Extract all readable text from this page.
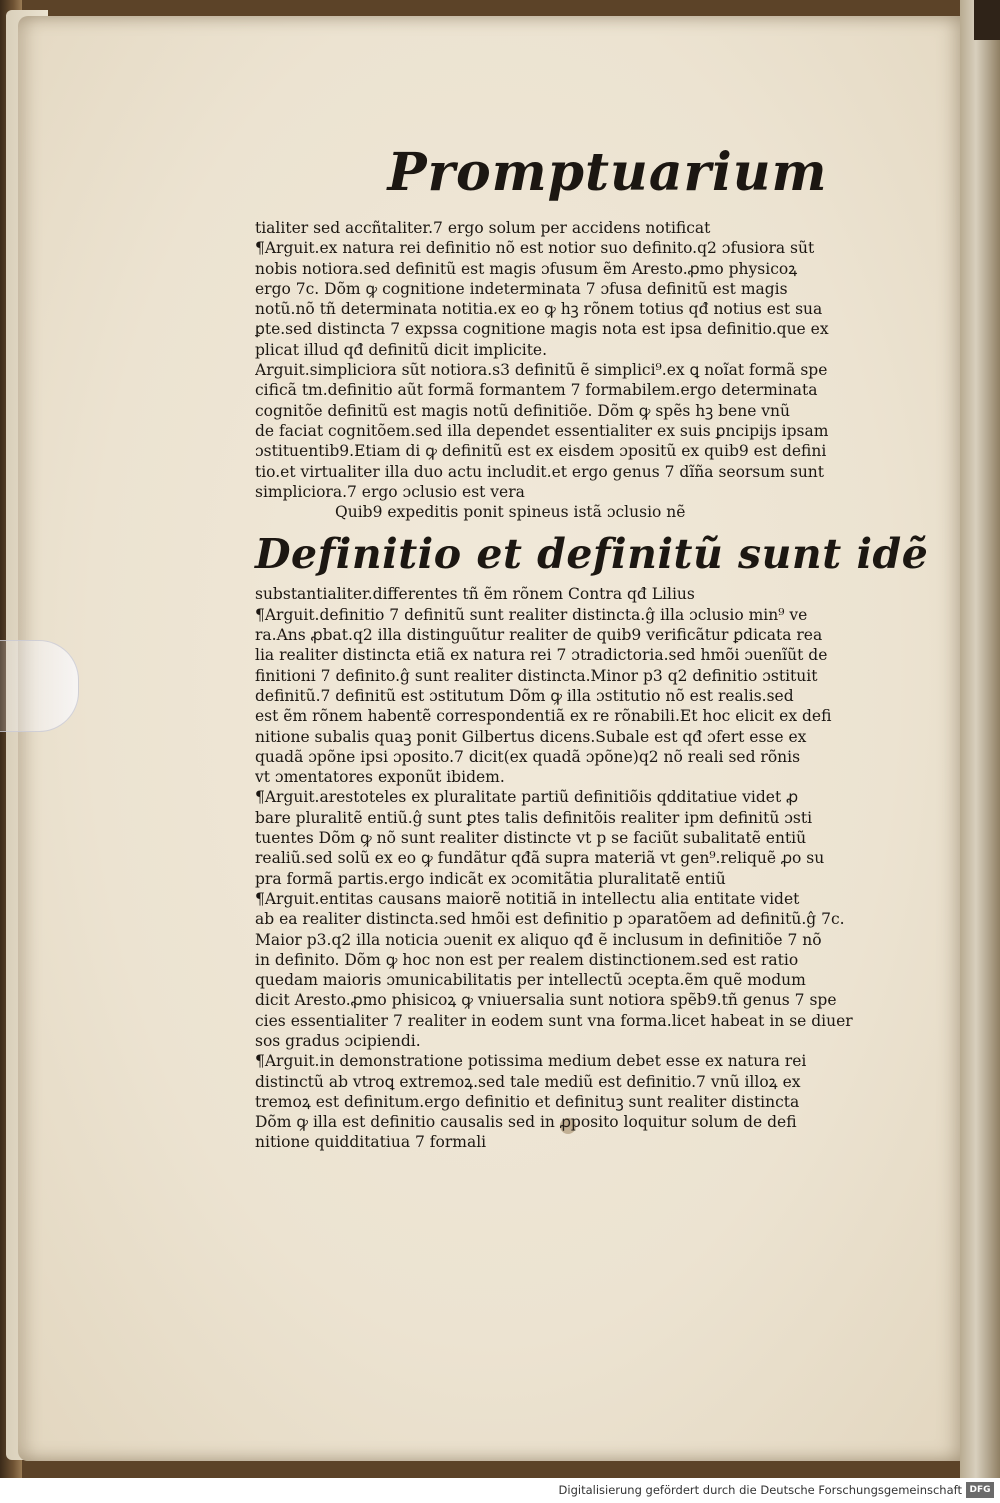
Promptuarium
tialiter sed accñtaliter.7 ergo solum per accidens notificat
¶Arguit.ex natura rei definitio nõ est notior suo definito.q2 ɔfusiora sũt
nobis notiora.sed definitũ est magis ɔfusum ẽm Aresto.ꝓmo physicoꝝ
ergo 7c. Dõm ꝙ cognitione indeterminata 7 ɔfusa definitũ est magis
notũ.nõ tñ determinata notitia.ex eo ꝙ hꝫ rõnem totius qđ notius est sua
ꝑte.sed distincta 7 expssa cognitione magis nota est ipsa definitio.que ex
plicat illud qđ definitũ dicit implicite.
Arguit.simpliciora sũt notiora.s3 definitũ ẽ simplici⁹.ex ꝗ noĩat formã spe
cificã tm.definitio aũt formã formantem 7 formabilem.ergo determinata
cognitõe definitũ est magis notũ definitiõe. Dõm ꝙ spẽs hꝫ bene vnũ
de faciat cognitõem.sed illa dependet essentialiter ex suis ꝑncipijs ipsam
ɔstituentib9.Etiam di ꝙ definitũ est ex eisdem ɔpositũ ex quib9 est defini
tio.et virtualiter illa duo actu includit.et ergo genus 7 dĩña seorsum sunt
simpliciora.7 ergo ɔclusio est vera
Quib9 expeditis ponit spineus istã ɔclusio nẽ
Definitio et definitũ sunt idẽ
substantialiter.differentes tñ ẽm rõnem Contra qđ Lilius
¶Arguit.definitio 7 definitũ sunt realiter distincta.ĝ illa ɔclusio min⁹ ve
ra.Ans ꝓbat.q2 illa distinguũtur realiter de quib9 verificãtur ꝑdicata rea
lia realiter distincta etiã ex natura rei 7 ɔtradictoria.sed hmõi ɔuenĩũt de
finitioni 7 definito.ĝ sunt realiter distincta.Minor p3 q2 definitio ɔstituit
definitũ.7 definitũ est ɔstitutum Dõm ꝙ illa ɔstitutio nõ est realis.sed
est ẽm rõnem habentẽ correspondentiã ex re rõnabili.Et hoc elicit ex defi
nitione subalis quaꝫ ponit Gilbertus dicens.Subale est qđ ɔfert esse ex
quadã ɔpõne ipsi ɔposito.7 dicit(ex quadã ɔpõne)q2 nõ reali sed rõnis
vt ɔmentatores exponũt ibidem.
¶Arguit.arestoteles ex pluralitate partiũ definitiõis qdditatiue videt ꝓ
bare pluralitẽ entiũ.ĝ sunt ꝑtes talis definitõis realiter ipm definitũ ɔsti
tuentes Dõm ꝙ nõ sunt realiter distincte vt p se faciũt subalitatẽ entiũ
realiũ.sed solũ ex eo ꝙ fundãtur qđã supra materiã vt gen⁹.reliquẽ ꝓo su
pra formã partis.ergo indicãt ex ɔcomitãtia pluralitatẽ entiũ
¶Arguit.entitas causans maiorẽ notitiã in intellectu alia entitate videt
ab ea realiter distincta.sed hmõi est definitio p ɔparatõem ad definitũ.ĝ 7c.
Maior p3.q2 illa noticia ɔuenit ex aliquo qđ ẽ inclusum in definitiõe 7 nõ
in definito. Dõm ꝙ hoc non est per realem distinctionem.sed est ratio
quedam maioris ɔmunicabilitatis per intellectũ ɔcepta.ẽm quẽ modum
dicit Aresto.ꝓmo phisicoꝝ ꝙ vniuersalia sunt notiora spẽb9.tñ genus 7 spe
cies essentialiter 7 realiter in eodem sunt vna forma.licet habeat in se diuer
sos gradus ɔcipiendi.
¶Arguit.in demonstratione potissima medium debet esse ex natura rei
distinctũ ab vtroꝗ extremoꝝ.sed tale mediũ est definitio.7 vnũ illoꝝ ex
tremoꝝ est definitum.ergo definitio et definituꝫ sunt realiter distincta
Dõm ꝙ illa est definitio causalis sed in ꝓposito loquitur solum de defi
nitione quidditatiua 7 formali
Digitalisierung gefördert durch die Deutsche Forschungsgemeinschaft DFG
